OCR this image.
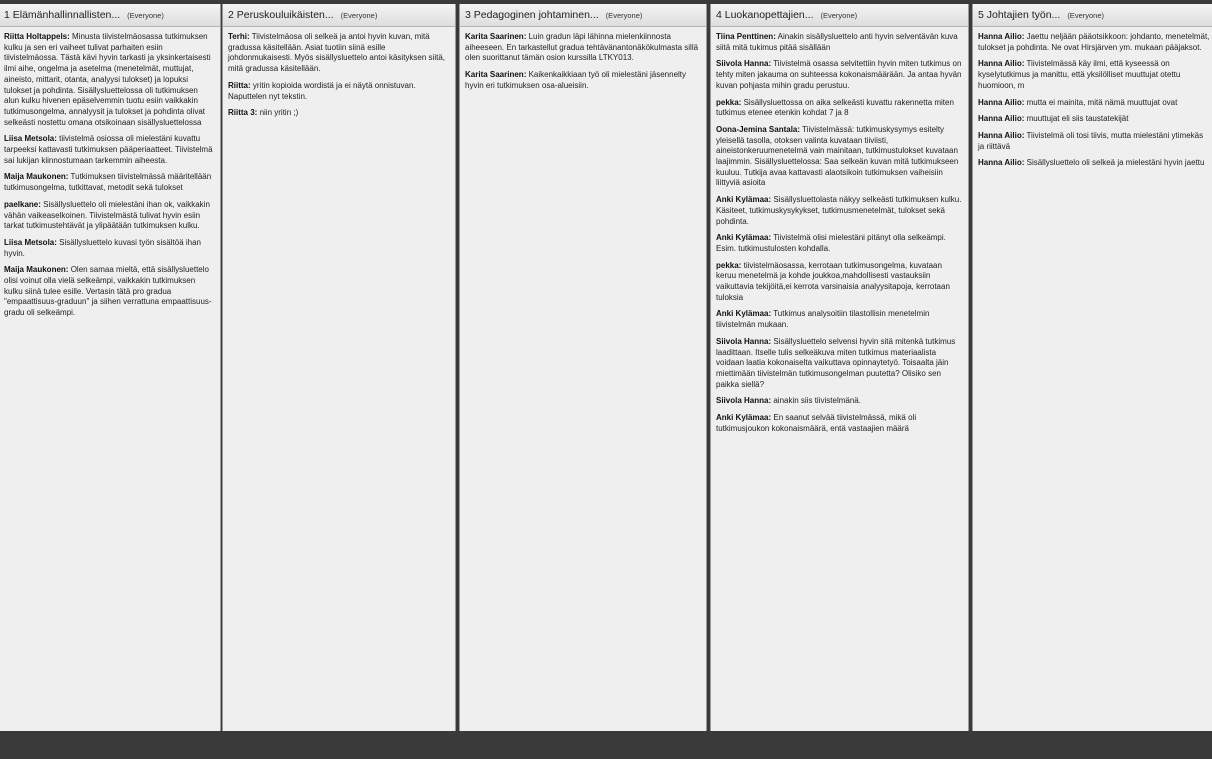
1 Elämänhallinnallisten... (Everyone)
Riitta Holtappels: Minusta tiivistelmäosassa tutkimuksen kulku ja sen eri vaiheet tulivat parhaiten esiin tiivistelmäossa. Tästä kävi hyvin tarkasti ja yksinkertaisesti ilmi aihe, ongelma ja asetelma (menetelmät, muttujat, aineisto, mittarit, otanta, analyysi tulokset) ja lopuksi tulokset ja pohdinta. Sisällysluettelossa oli tutkimuksen alun kulku hivenen epäselvemmin tuotu esiin vaikkakin tutkimusongelma, annalyysit ja tulokset ja pohdinta olivat selkeästi nostettu omana otsikoinaan sisällysluettelossa
Liisa Metsola: tiivistelmä osiossa oli mielestäni kuvattu tarpeeksi kattavasti tutkimuksen pääperiaatteet. Tiivistelmä sai lukijan kiinnostumaan tarkemmin aiheesta.
Maija Maukonen: Tutkimuksen tiivistelmässä määritellään tutkimusongelma, tutkittavat, metodit sekä tulokset
paelkane: Sisällysluettelo oli mielestäni ihan ok, vaikkakin vähän vaikeaselkoinen. Tiivistelmästä tulivat hyvin esiin tarkat tutkimustehtävät ja ylipäätään tutkimuksen kulku.
Liisa Metsola: Sisällysluettelo kuvasi työn sisältöä ihan hyvin.
Maija Maukonen: Olen samaa mieltä, että sisällysluettelo olisi voinut olla vielä selkeämpi, vaikkakin tutkimuksen kulku siinä tulee esille. Vertasin tätä pro gradua "empaattisuus-graduun" ja siihen verrattuna empaattisuus-gradu oli selkeämpi.
2 Peruskouluikäisten... (Everyone)
Terhi: Tiivistelmäosa oli selkeä ja antoi hyvin kuvan, mitä gradussa käsitellään. Asiat tuotiin siinä esille johdonmukaisesti. Myös sisällysluettelo antoi käsityksen siitä, mitä gradussa käsitellään.
Riitta: yritin kopioida wordistä ja ei näytä onnistuvan. Naputtelen nyt tekstin.
Riitta 3: niin yritin ;)
3 Pedagoginen johtaminen... (Everyone)
Karita Saarinen: Luin gradun läpi lähinna mielenkiinnosta aiheeseen. En tarkastellut gradua tehtävänantonäkökulmasta sillä olen suorittanut tämän osion kurssilla LTKY013.
Karita Saarinen: Kaikenkaikkiaan työ oli mielestäni jäsennelty hyvin eri tutkimuksen osa-alueisiin.
4 Luokanopettajien... (Everyone)
Tiina Penttinen: Ainakin sisällysluettelo anti hyvin selventävän kuva siitä mitä tukimus pitää sisällään
Siivola Hanna: Tiivistelmä osassa selvitettiin hyvin miten tutkimus on tehty miten jakauma on suhteessa kokonaismäärään. Ja antaa hyvän kuvan pohjasta mihin gradu perustuu.
pekka: Sisällysluettossa on aika selkeästi kuvattu rakennetta miten tutkimus etenee etenkin kohdat 7 ja 8
Oona-Jemina Santala: Tiivistelmässä: tutkimuskysymys esitelty yleisellä tasolla, otoksen valinta kuvataan tiiviisti, aineistonkeruumenetelmä vain mainitaan, tutkimustulokset kuvataan laajimmin. Sisällysluettelossa: Saa selkeän kuvan mitä tutkimukseen kuuluu. Tutkija avaa kattavasti alaotsikoin tutkimuksen vaiheisiin liittyviä asioita
Anki Kylämaa: Sisällysluettolasta näkyy selkeästi tutkimuksen kulku. Käsiteet, tutkimuskysykykset, tutkimusmenetelmät, tulokset sekä pohdinta.
Anki Kylämaa: Tiivistelmä olisi mielestäni pitänyt olla selkeämpi. Esim. tutkimustulosten kohdalla.
pekka: tiivistelmäosassa, kerrotaan tutkimusongelma, kuvataan keruu menetelmä ja kohde joukkoa,mahdollisesti vastauksiin vaikuttavia tekijöitä,ei kerrota varsinaisia analyysitapoja, kerrotaan tuloksia
Anki Kylämaa: Tutkimus analysoitiin tilastollisin menetelmin tiivistelmän mukaan.
Siivola Hanna: Sisällysluettelo selvensi hyvin sitä mitenkä tutkimus laadittaan. Itselle tulis selkeäkuva miten tutkimus materiaalista voidaan laatia kokonaiselta vaikuttava opinnaytetyö. Toisaalta jäin miettimään tiivistelmän tutkimusongelman puutetta? Olisiko sen paikka siellä?
Siivola Hanna: ainakin siis tiivistelmänä.
Anki Kylämaa: En saanut selvää tiivistelmässä, mikä oli tutkimusjoukon kokonaismäärä, entä vastaajien määrä
5 Johtajien työn... (Everyone)
Hanna Ailio: Jaettu neljään pääotsikkoon: johdanto, menetelmät, tulokset ja pohdinta. Ne ovat Hirsjärven ym. mukaan pääjaksot.
Hanna Ailio: Tiivistelmässä käy ilmi, että kyseessä on kyselytutkimus ja manittu, että yksilölliset muuttujat otettu huomioon, m
Hanna Ailio: mutta ei mainita, mitä nämä muuttujat ovat
Hanna Ailio: muuttujat eli siis taustatekijät
Hanna Ailio: Tiivistelmä oli tosi tiivis, mutta mielestäni ytimekäs ja riittävä
Hanna Ailio: Sisällysluettelo oli selkeä ja mielestäni hyvin jaettu
